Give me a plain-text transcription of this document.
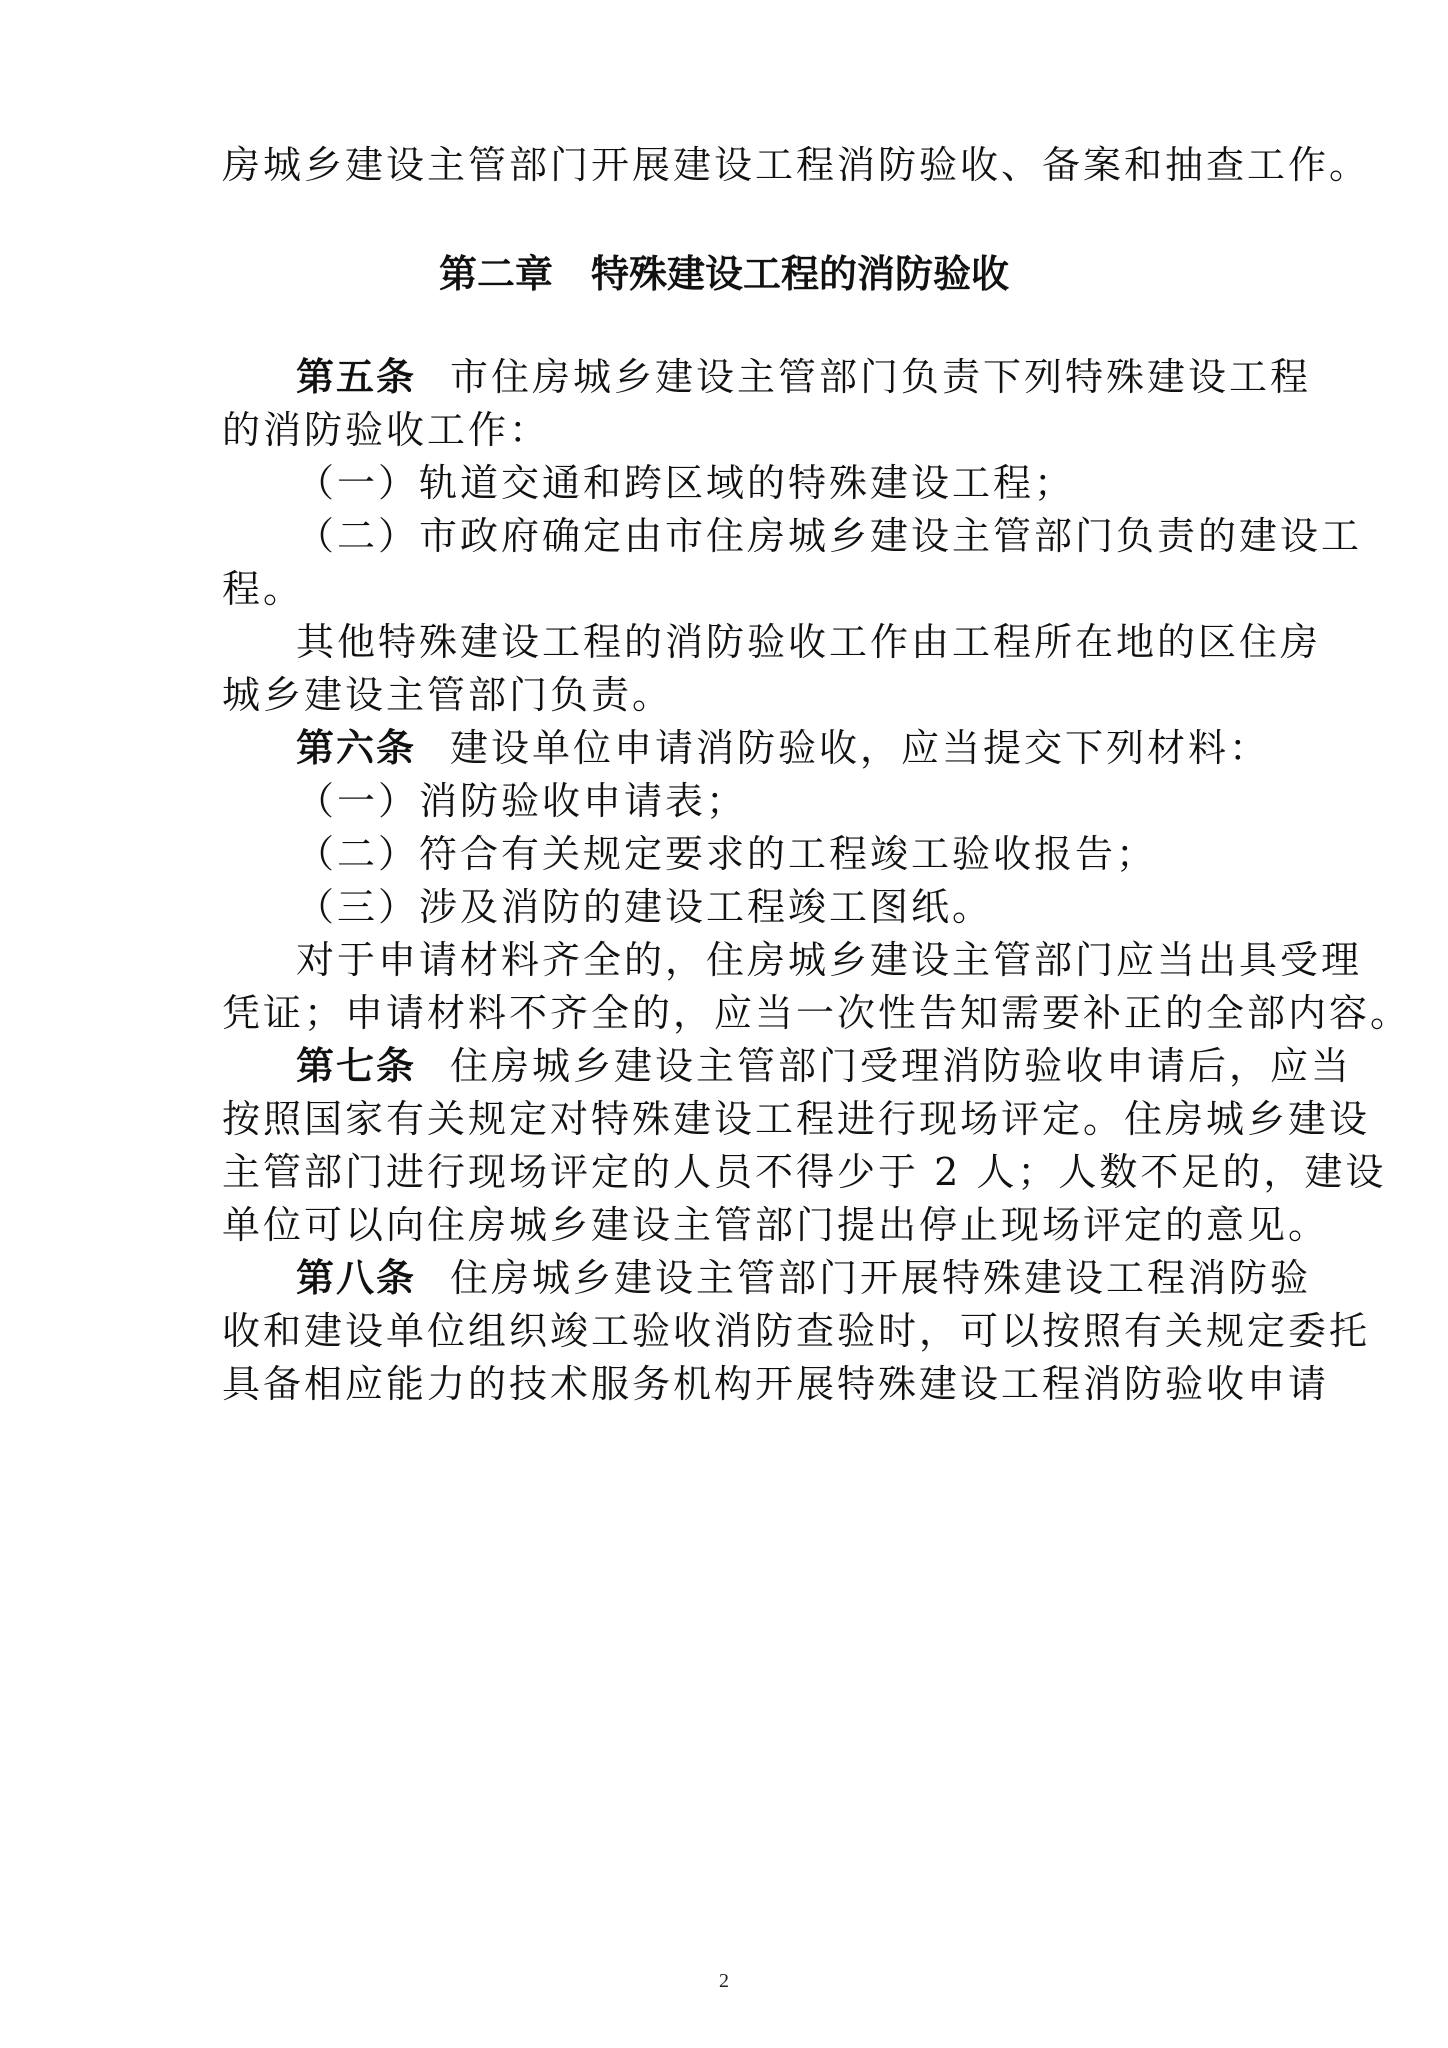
房城乡建设主管部门开展建设工程消防验收、备案和抽查工作。
第二章　特殊建设工程的消防验收
第五条 市住房城乡建设主管部门负责下列特殊建设工程
的消防验收工作：
（一）轨道交通和跨区域的特殊建设工程；
（二）市政府确定由市住房城乡建设主管部门负责的建设工
程。
其他特殊建设工程的消防验收工作由工程所在地的区住房
城乡建设主管部门负责。
第六条 建设单位申请消防验收，应当提交下列材料：
（一）消防验收申请表；
（二）符合有关规定要求的工程竣工验收报告；
（三）涉及消防的建设工程竣工图纸。
对于申请材料齐全的，住房城乡建设主管部门应当出具受理
凭证；申请材料不齐全的，应当一次性告知需要补正的全部内容。
第七条 住房城乡建设主管部门受理消防验收申请后，应当
按照国家有关规定对特殊建设工程进行现场评定。住房城乡建设
主管部门进行现场评定的人员不得少于 2 人；人数不足的，建设
单位可以向住房城乡建设主管部门提出停止现场评定的意见。
第八条 住房城乡建设主管部门开展特殊建设工程消防验
收和建设单位组织竣工验收消防查验时，可以按照有关规定委托
具备相应能力的技术服务机构开展特殊建设工程消防验收申请
2
